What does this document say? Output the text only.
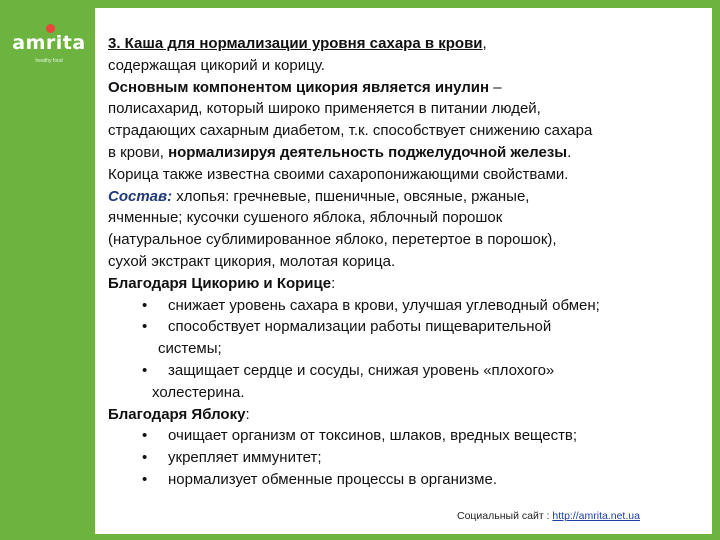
amrita
healthy food
3. Каша для нормализации уровня сахара в крови,
содержащая цикорий и корицу.
Основным компонентом цикория является инулин –
полисахарид, который широко применяется в питании людей,
страдающих сахарным диабетом, т.к. способствует снижению сахара
в крови, нормализируя деятельность поджелудочной железы.
Корица также известна своими сахаропонижающими свойствами.
Состав: хлопья: гречневые, пшеничные, овсяные, ржаные,
ячменные; кусочки сушеного яблока, яблочный порошок
(натуральное сублимированное яблоко, перетертое в порошок),
сухой экстракт цикория, молотая корица.
Благодаря Цикорию и Корице:
• снижает уровень сахара в крови, улучшая углеводный обмен;
• способствует нормализации работы пищеварительной
системы;
• защищает сердце и сосуды, снижая уровень «плохого»
холестерина.
Благодаря Яблоку:
• очищает организм от токсинов, шлаков, вредных веществ;
• укрепляет иммунитет;
• нормализует обменные процессы в организме.
Социальный сайт : http://amrita.net.ua
